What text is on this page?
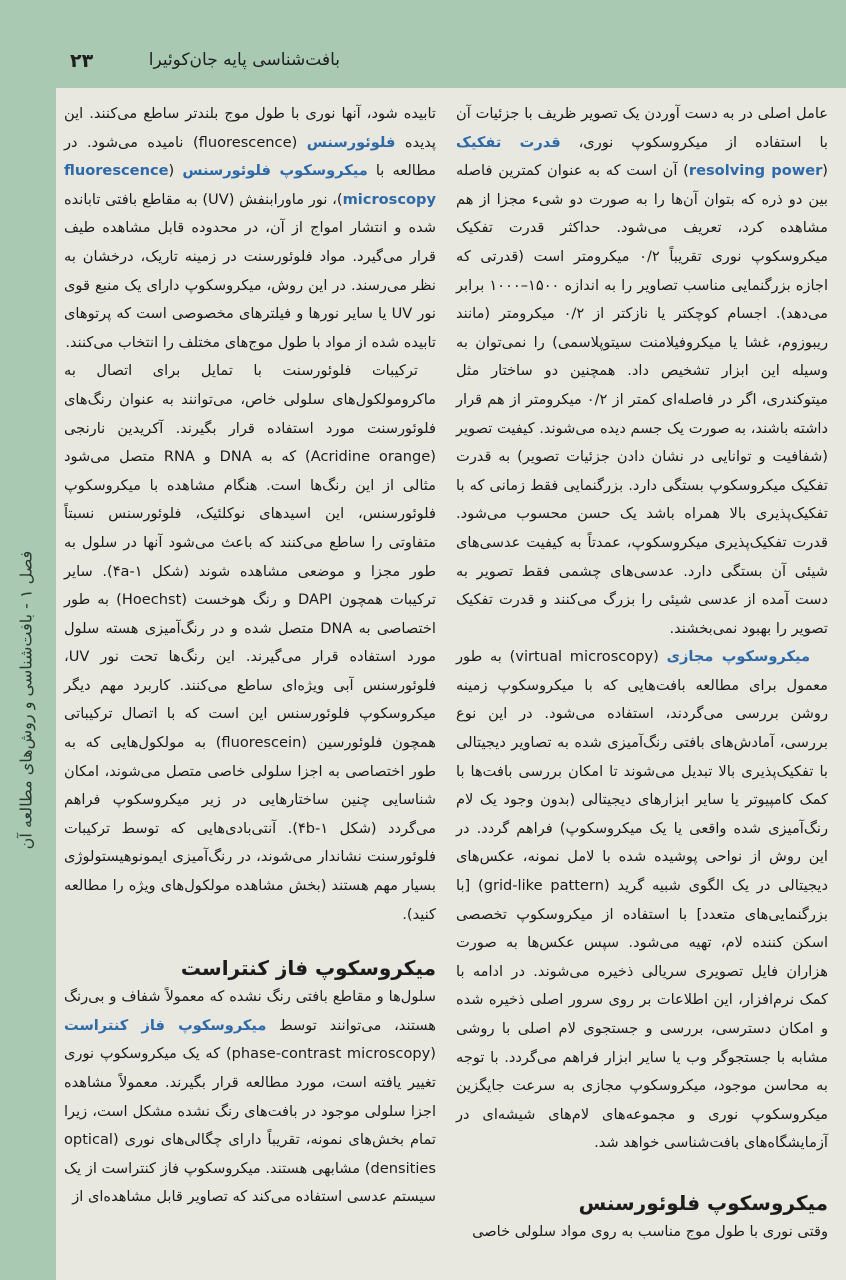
بافت‌شناسی پایه جان‌کوئیرا
۲۳
فصل ۱ - بافت‌شناسی و روش‌های مطالعه آن

عامل اصلی در به دست آوردن یک تصویر ظریف با جزئیات آن با استفاده از میکروسکوپ نوری، قدرت تفکیک (resolving power) آن است که به عنوان کمترین فاصله بین دو ذره که بتوان آن‌ها را به صورت دو شیء مجزا از هم مشاهده کرد، تعریف می‌شود. حداکثر قدرت تفکیک میکروسکوپ نوری تقریباً ۰/۲ میکرومتر است (قدرتی که اجازه بزرگنمایی مناسب تصاویر را به اندازه ۱۵۰۰–۱۰۰۰ برابر می‌دهد). اجسام کوچکتر یا نازکتر از ۰/۲ میکرومتر (مانند ریبوزوم، غشا یا میکروفیلامنت سیتوپلاسمی) را نمی‌توان به وسیله این ابزار تشخیص داد. همچنین دو ساختار مثل میتوکندری، اگر در فاصله‌ای کمتر از ۰/۲ میکرومتر از هم قرار داشته باشند، به صورت یک جسم دیده می‌شوند. کیفیت تصویر (شفافیت و توانایی در نشان دادن جزئیات تصویر) به قدرت تفکیک میکروسکوپ بستگی دارد. بزرگنمایی فقط زمانی که با تفکیک‌پذیری بالا همراه باشد یک حسن محسوب می‌شود. قدرت تفکیک‌پذیری میکروسکوپ، عمدتاً به کیفیت عدسی‌های شیئی آن بستگی دارد. عدسی‌های چشمی فقط تصویر به دست آمده از عدسی شیئی را بزرگ می‌کنند و قدرت تفکیک تصویر را بهبود نمی‌بخشند.

میکروسکوپ مجازی (virtual microscopy) به طور معمول برای مطالعه بافت‌هایی که با میکروسکوپ زمینه روشن بررسی می‌گردند، استفاده می‌شود. در این نوع بررسی، آمادش‌های بافتی رنگ‌آمیزی شده به تصاویر دیجیتالی با تفکیک‌پذیری بالا تبدیل می‌شوند تا امکان بررسی بافت‌ها با کمک کامپیوتر یا سایر ابزارهای دیجیتالی (بدون وجود یک لام رنگ‌آمیزی شده واقعی یا یک میکروسکوپ) فراهم گردد. در این روش از نواحی پوشیده شده با لامل نمونه، عکس‌های دیجیتالی در یک الگوی شبیه گرید (grid-like pattern) [با بزرگنمایی‌های متعدد] با استفاده از میکروسکوپ تخصصی اسکن کننده لام، تهیه می‌شود. سپس عکس‌ها به صورت هزاران فایل تصویری سریالی ذخیره می‌شوند. در ادامه با کمک نرم‌افزار، این اطلاعات بر روی سرور اصلی ذخیره شده و امکان دسترسی، بررسی و جستجوی لام اصلی با روشی مشابه با جستجوگر وب یا سایر ابزار فراهم می‌گردد. با توجه به محاسن موجود، میکروسکوپ مجازی به سرعت جایگزین میکروسکوپ نوری و مجموعه‌های لام‌های شیشه‌ای در آزمایشگاه‌های بافت‌شناسی خواهد شد.

میکروسکوپ فلوئورسنس

وقتی نوری با طول موج مناسب به روی مواد سلولی خاصی

تابیده شود، آنها نوری با طول موج بلندتر ساطع می‌کنند. این پدیده فلوئورسنس (fluorescence) نامیده می‌شود. در مطالعه با میکروسکوپ فلوئورسنس (fluorescence microscopy)، نور ماورابنفش (UV) به مقاطع بافتی تابانده شده و انتشار امواج از آن، در محدوده قابل مشاهده طیف قرار می‌گیرد. مواد فلوئورسنت در زمینه تاریک، درخشان به نظر می‌رسند. در این روش، میکروسکوپ دارای یک منبع قوی نور UV یا سایر نورها و فیلترهای مخصوصی است که پرتوهای تابیده شده از مواد با طول موج‌های مختلف را انتخاب می‌کنند.

ترکیبات فلوئورسنت با تمایل برای اتصال به ماکرومولکول‌های سلولی خاص، می‌توانند به عنوان رنگ‌های فلوئورسنت مورد استفاده قرار بگیرند. آکریدین نارنجی (Acridine orange) که به DNA و RNA متصل می‌شود مثالی از این رنگ‌ها است. هنگام مشاهده با میکروسکوپ فلوئورسنس، این اسیدهای نوکلئیک، فلوئورسنس نسبتاً متفاوتی را ساطع می‌کنند که باعث می‌شود آنها در سلول به طور مجزا و موضعی مشاهده شوند (شکل ۴a-۱). سایر ترکیبات همچون DAPI و رنگ هوخست (Hoechst) به طور اختصاصی به DNA متصل شده و در رنگ‌آمیزی هسته سلول مورد استفاده قرار می‌گیرند. این رنگ‌ها تحت نور UV، فلوئورسنس آبی ویژه‌ای ساطع می‌کنند. کاربرد مهم دیگر میکروسکوپ فلوئورسنس این است که با اتصال ترکیباتی همچون فلوئورسین (fluorescein) به مولکول‌هایی که به طور اختصاصی به اجزا سلولی خاصی متصل می‌شوند، امکان شناسایی چنین ساختارهایی در زیر میکروسکوپ فراهم می‌گردد (شکل ۴b-۱). آنتی‌بادی‌هایی که توسط ترکیبات فلوئورسنت نشاندار می‌شوند، در رنگ‌آمیزی ایمونوهیستولوژی بسیار مهم هستند (بخش مشاهده مولکول‌های ویژه را مطالعه کنید).

میکروسکوپ فاز کنتراست

سلول‌ها و مقاطع بافتی رنگ نشده که معمولاً شفاف و بی‌رنگ هستند، می‌توانند توسط میکروسکوپ فاز کنتراست (phase-contrast microscopy) که یک میکروسکوپ نوری تغییر یافته است، مورد مطالعه قرار بگیرند. معمولاً مشاهده اجزا سلولی موجود در بافت‌های رنگ نشده مشکل است، زیرا تمام بخش‌های نمونه، تقریباً دارای چگالی‌های نوری (optical densities) مشابهی هستند. میکروسکوپ فاز کنتراست از یک سیستم عدسی استفاده می‌کند که تصاویر قابل مشاهده‌ای از
